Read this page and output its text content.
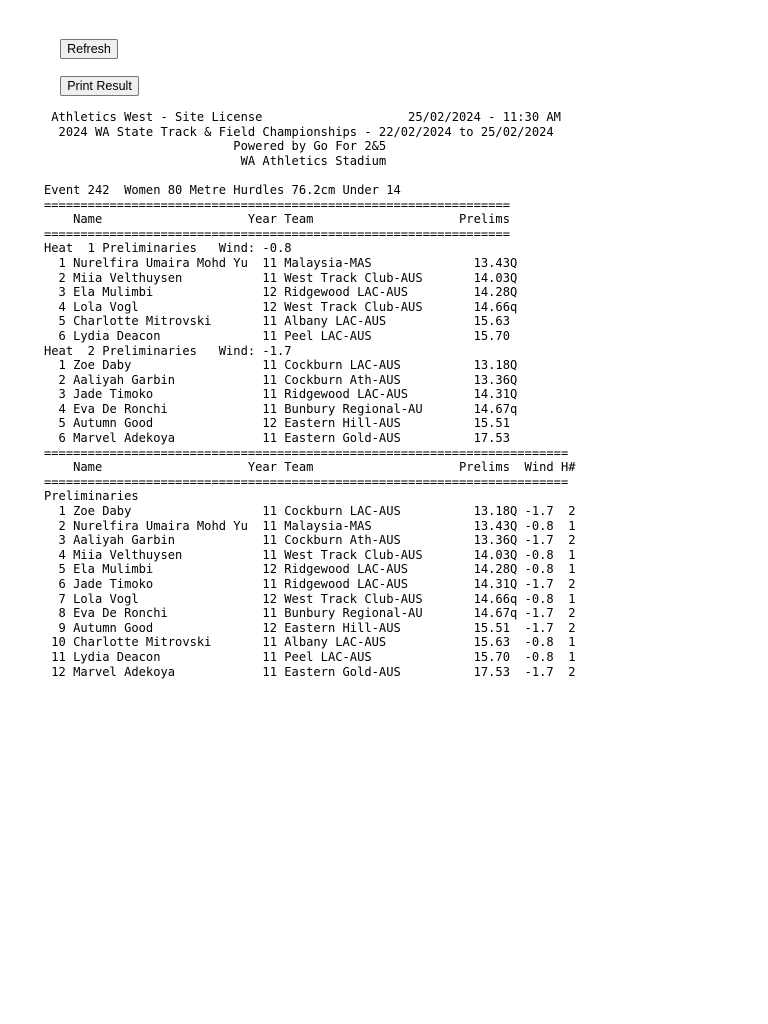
Refresh
Print Result
Athletics West - Site License                    25/02/2024 - 11:30 AM
2024 WA State Track & Field Championships - 22/02/2024 to 25/02/2024
Powered by Go For 2&5
WA Athletics Stadium

Event 242  Women 80 Metre Hurdles 76.2cm Under 14
================================================================
Name                    Year Team                    Prelims
================================================================
Heat  1 Preliminaries   Wind: -0.8
1 Nurelfira Umaira Mohd Yu  11 Malaysia-MAS              13.43Q
2 Miia Velthuysen           11 West Track Club-AUS       14.03Q
3 Ela Mulimbi               12 Ridgewood LAC-AUS         14.28Q
4 Lola Vogl                 12 West Track Club-AUS       14.66q
5 Charlotte Mitrovski       11 Albany LAC-AUS            15.63
6 Lydia Deacon              11 Peel LAC-AUS              15.70
Heat  2 Preliminaries   Wind: -1.7
1 Zoe Daby                  11 Cockburn LAC-AUS          13.18Q
2 Aaliyah Garbin            11 Cockburn Ath-AUS          13.36Q
3 Jade Timoko               11 Ridgewood LAC-AUS         14.31Q
4 Eva De Ronchi             11 Bunbury Regional-AU       14.67q
5 Autumn Good               12 Eastern Hill-AUS          15.51
6 Marvel Adekoya            11 Eastern Gold-AUS          17.53
========================================================================
Name                    Year Team                    Prelims  Wind H#
========================================================================
Preliminaries
1 Zoe Daby                  11 Cockburn LAC-AUS          13.18Q -1.7  2
2 Nurelfira Umaira Mohd Yu  11 Malaysia-MAS              13.43Q -0.8  1
3 Aaliyah Garbin            11 Cockburn Ath-AUS          13.36Q -1.7  2
4 Miia Velthuysen           11 West Track Club-AUS       14.03Q -0.8  1
5 Ela Mulimbi               12 Ridgewood LAC-AUS         14.28Q -0.8  1
6 Jade Timoko               11 Ridgewood LAC-AUS         14.31Q -1.7  2
7 Lola Vogl                 12 West Track Club-AUS       14.66q -0.8  1
8 Eva De Ronchi             11 Bunbury Regional-AU       14.67q -1.7  2
9 Autumn Good               12 Eastern Hill-AUS          15.51  -1.7  2
10 Charlotte Mitrovski       11 Albany LAC-AUS            15.63  -0.8  1
11 Lydia Deacon              11 Peel LAC-AUS              15.70  -0.8  1
12 Marvel Adekoya            11 Eastern Gold-AUS          17.53  -1.7  2
